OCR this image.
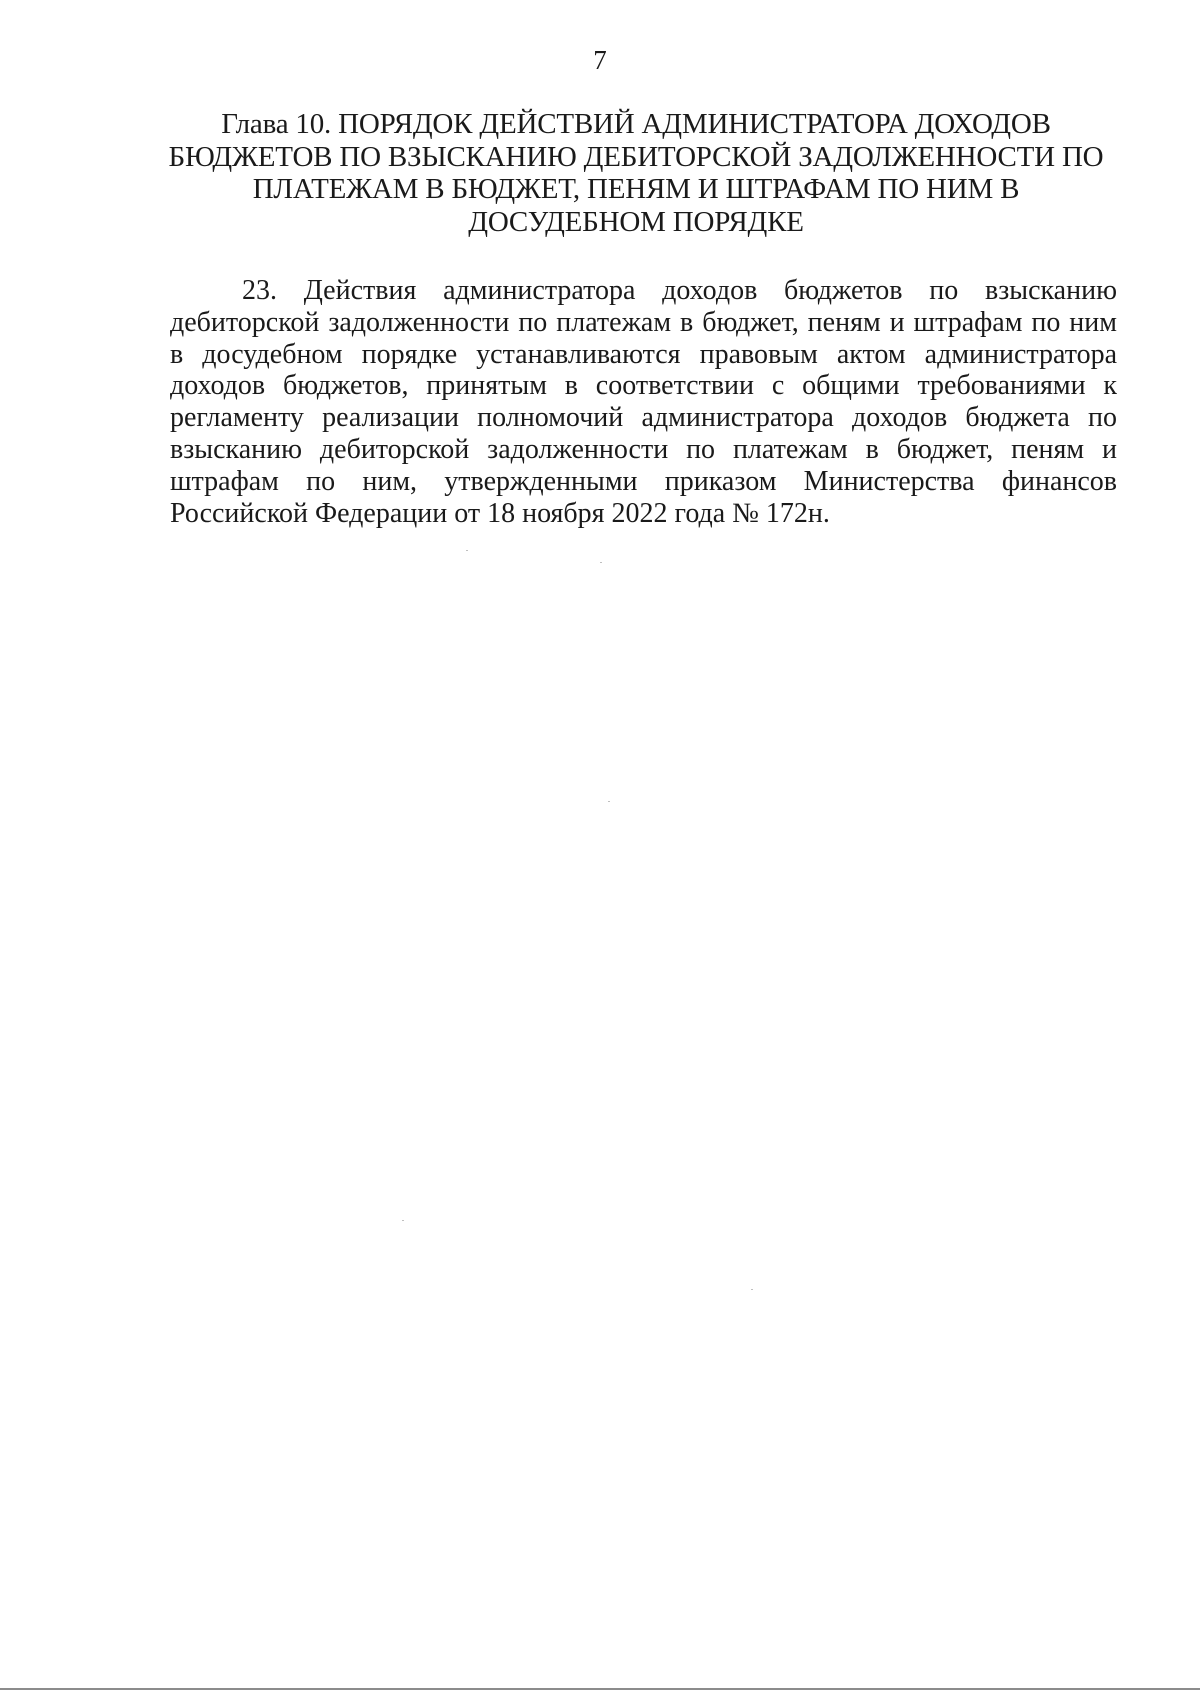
7
Глава 10. ПОРЯДОК ДЕЙСТВИЙ АДМИНИСТРАТОРА ДОХОДОВ
БЮДЖЕТОВ ПО ВЗЫСКАНИЮ ДЕБИТОРСКОЙ ЗАДОЛЖЕННОСТИ ПО
ПЛАТЕЖАМ В БЮДЖЕТ, ПЕНЯМ И ШТРАФАМ ПО НИМ В
ДОСУДЕБНОМ ПОРЯДКЕ
23. Действия администратора доходов бюджетов по взысканию
дебиторской задолженности по платежам в бюджет, пеням и штрафам по ним
в досудебном порядке устанавливаются правовым актом администратора
доходов бюджетов, принятым в соответствии с общими требованиями к
регламенту реализации полномочий администратора доходов бюджета по
взысканию дебиторской задолженности по платежам в бюджет, пеням и
штрафам по ним, утвержденными приказом Министерства финансов
Российской Федерации от 18 ноября 2022 года № 172н.
